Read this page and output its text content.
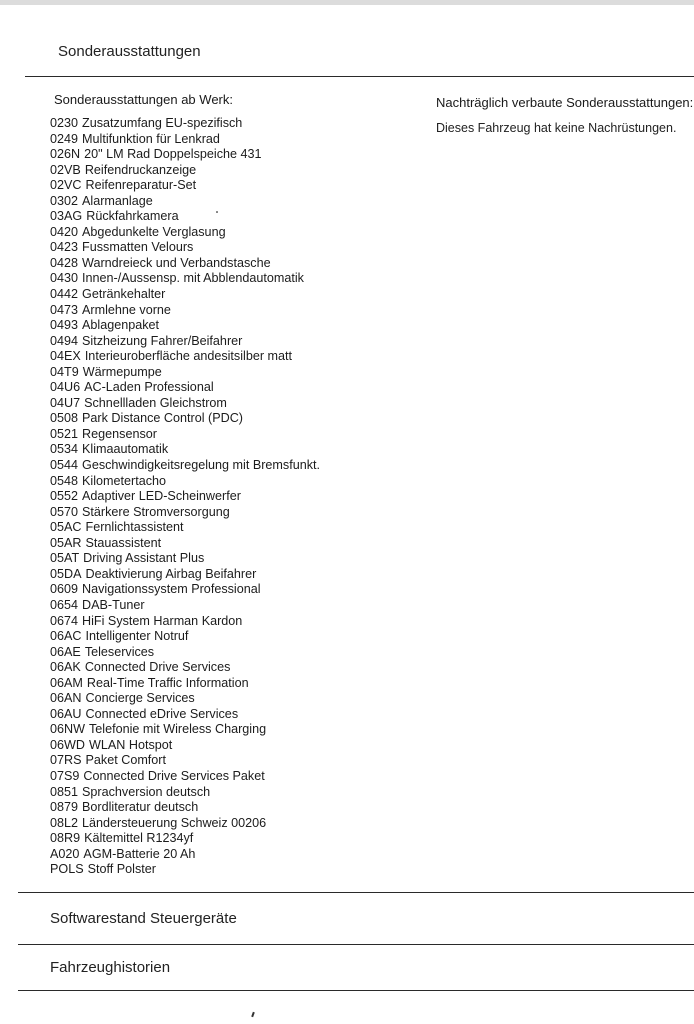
Sonderausstattungen
Sonderausstattungen ab Werk:	Nachträglich verbaute Sonderausstattungen:
Dieses Fahrzeug hat keine Nachrüstungen.
0230 Zusatzumfang EU-spezifisch
0249 Multifunktion für Lenkrad
026N 20" LM Rad Doppelspeiche 431
02VB Reifendruckanzeige
02VC Reifenreparatur-Set
0302 Alarmanlage
03AG Rückfahrkamera
0420 Abgedunkelte Verglasung
0423 Fussmatten Velours
0428 Warndreieck und Verbandstasche
0430 Innen-/Aussensp. mit Abblendautomatik
0442 Getränkehalter
0473 Armlehne vorne
0493 Ablagenpaket
0494 Sitzheizung Fahrer/Beifahrer
04EX Interieuroberfläche andesitsilber matt
04T9 Wärmepumpe
04U6 AC-Laden Professional
04U7 Schnellladen Gleichstrom
0508 Park Distance Control (PDC)
0521 Regensensor
0534 Klimaautomatik
0544 Geschwindigkeitsregelung mit Bremsfunkt.
0548 Kilometertacho
0552 Adaptiver LED-Scheinwerfer
0570 Stärkere Stromversorgung
05AC Fernlichtassistent
05AR Stauassistent
05AT Driving Assistant Plus
05DA Deaktivierung Airbag Beifahrer
0609 Navigationssystem Professional
0654 DAB-Tuner
0674 HiFi System Harman Kardon
06AC Intelligenter Notruf
06AE Teleservices
06AK Connected Drive Services
06AM Real-Time Traffic Information
06AN Concierge Services
06AU Connected eDrive Services
06NW Telefonie mit Wireless Charging
06WD WLAN Hotspot
07RS Paket Comfort
07S9 Connected Drive Services Paket
0851 Sprachversion deutsch
0879 Bordliteratur deutsch
08L2 Ländersteuerung Schweiz 00206
08R9 Kältemittel R1234yf
A020 AGM-Batterie 20 Ah
POLS Stoff Polster
Softwarestand Steuergeräte
Fahrzeughistorien
